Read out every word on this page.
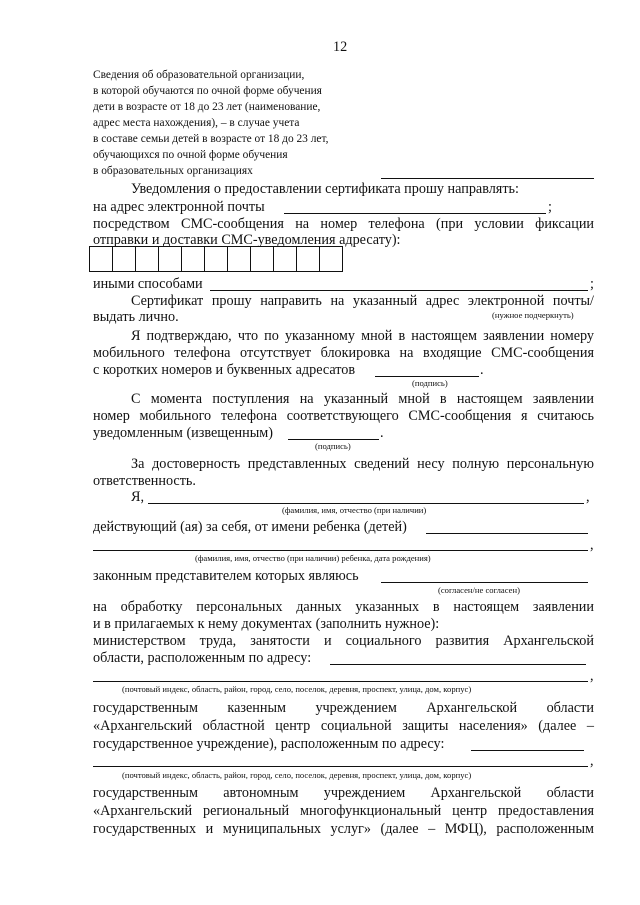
12
Сведения об образовательной организации,
в которой обучаются по очной форме обучения
дети в возрасте от 18 до 23 лет (наименование,
адрес места нахождения), – в случае учета
в составе семьи детей в возрасте от 18 до 23 лет,
обучающихся по очной форме обучения
в образовательных организациях
Уведомления о предоставлении сертификата прошу направлять:
на адрес электронной почты	;
посредством СМС-сообщения на номер телефона (при условии фиксации
отправки и доставки СМС-уведомления адресату):
иными способами	;
Сертификат прошу направить на указанный адрес электронной почты/
выдать лично.	(нужное подчеркнуть)
Я подтверждаю, что по указанному мной в настоящем заявлении номеру
мобильного телефона отсутствует блокировка на входящие СМС-сообщения
с коротких номеров и буквенных адресатов	.
(подпись)
С момента поступления на указанный мной в настоящем заявлении
номер мобильного телефона соответствующего СМС-сообщения я считаюсь
уведомленным (извещенным)	.
(подпись)
За достоверность представленных сведений несу полную персональную
ответственность.
Я,	,
(фамилия, имя, отчество (при наличии)
действующий (ая) за себя, от имени ребенка (детей)
,
(фамилия, имя, отчество (при наличии) ребенка, дата рождения)
законным представителем которых являюсь
(согласен/не согласен)
на обработку персональных данных указанных в настоящем заявлении
и в прилагаемых к нему документах (заполнить нужное):
министерством труда, занятости и социального развития Архангельской
области, расположенным по адресу:
,
(почтовый индекс, область, район, город, село, поселок, деревня, проспект, улица, дом, корпус)
государственным казенным учреждением Архангельской области
«Архангельский областной центр социальной защиты населения» (далее –
государственное учреждение), расположенным по адресу:
,
(почтовый индекс, область, район, город, село, поселок, деревня, проспект, улица, дом, корпус)
государственным автономным учреждением Архангельской области
«Архангельский региональный многофункциональный центр предоставления
государственных и муниципальных услуг» (далее – МФЦ), расположенным
